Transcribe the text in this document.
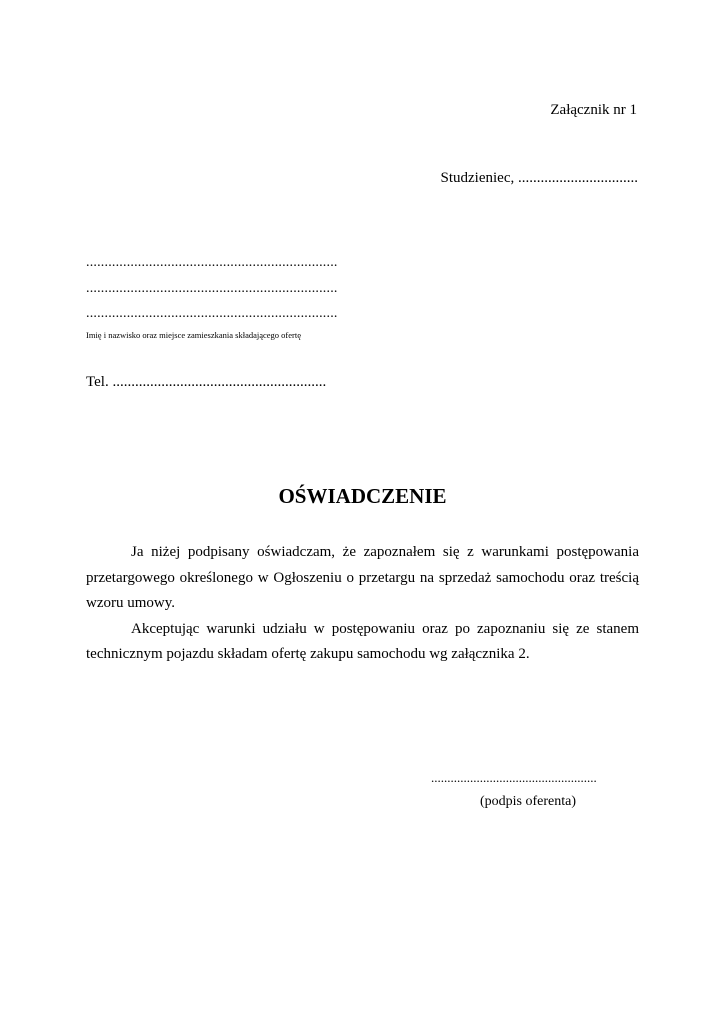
Załącznik nr 1
Studzieniec, ................................
....................................................................
....................................................................
....................................................................
Imię i nazwisko oraz miejsce zamieszkania składającego ofertę
Tel. .........................................................
OŚWIADCZENIE

Ja niżej podpisany oświadczam, że zapoznałem się z warunkami postępowania przetargowego określonego w Ogłoszeniu o przetargu na sprzedaż samochodu oraz treścią wzoru umowy.

Akceptując warunki udziału w postępowaniu oraz po zapoznaniu się ze stanem technicznym pojazdu składam ofertę zakupu samochodu wg załącznika 2.

...................................................
(podpis oferenta)
